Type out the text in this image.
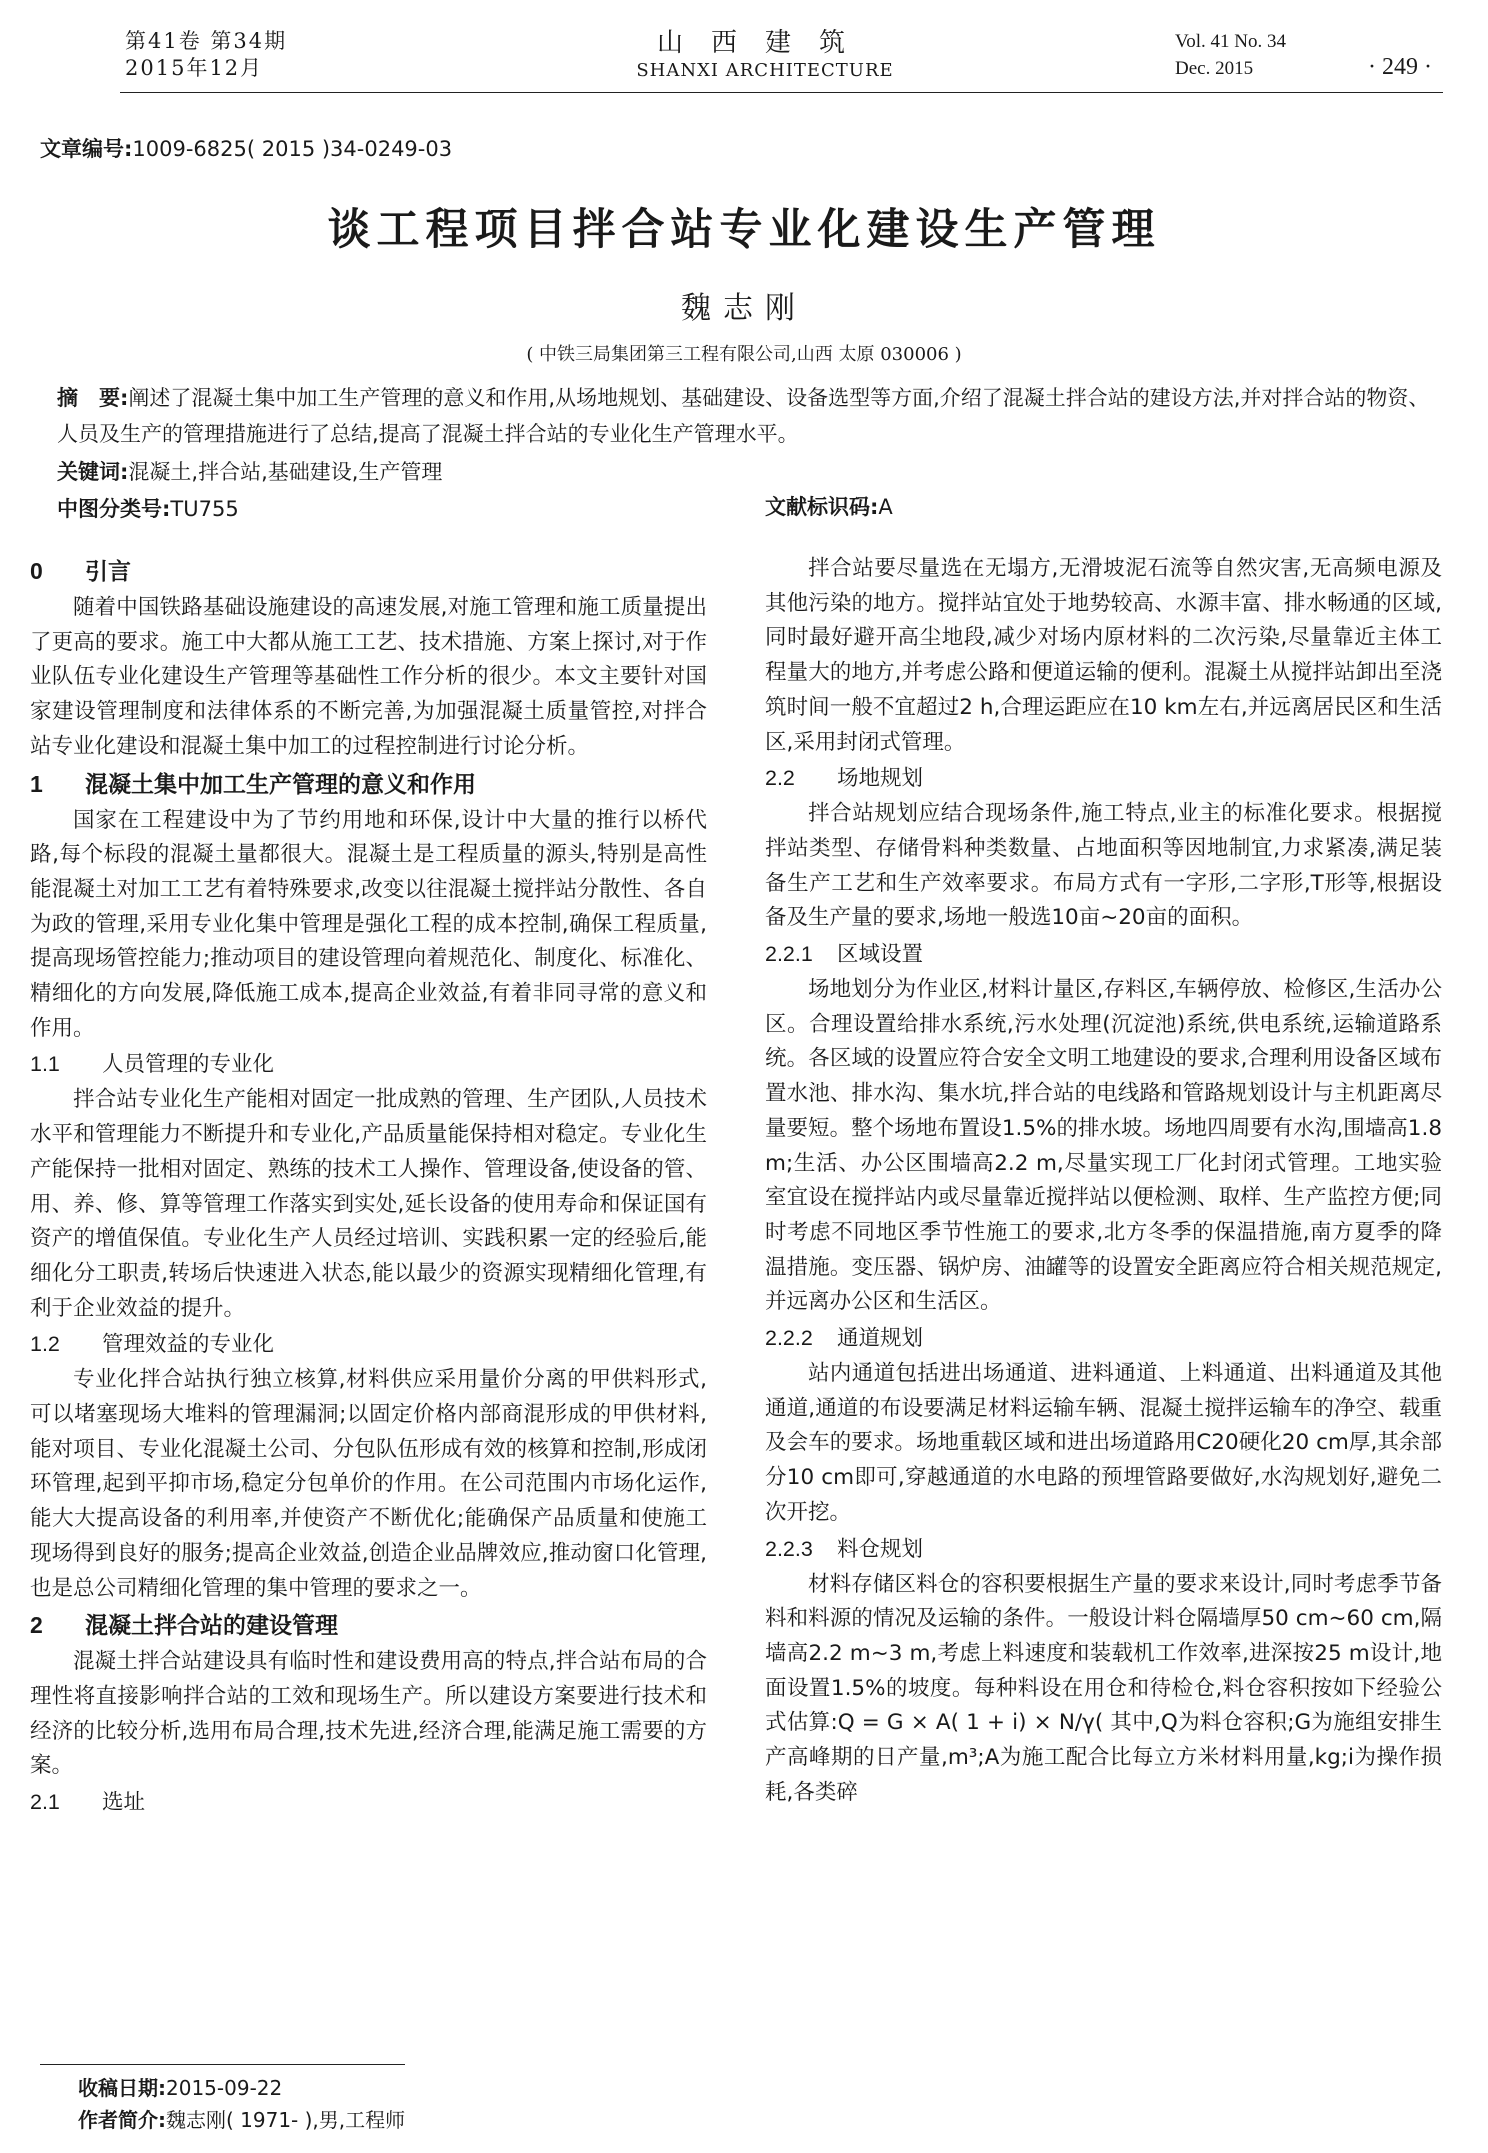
第41卷 第34期
2015年12月
山西建筑
SHANXI ARCHITECTURE
Vol. 41 No. 34
Dec. 2015	· 249 ·
文章编号:1009-6825( 2015 )34-0249-03
谈工程项目拌合站专业化建设生产管理
魏志刚
( 中铁三局集团第三工程有限公司,山西 太原 030006 )
摘　要:阐述了混凝土集中加工生产管理的意义和作用,从场地规划、基础建设、设备选型等方面,介绍了混凝土拌合站的建设方法,并对拌合站的物资、人员及生产的管理措施进行了总结,提高了混凝土拌合站的专业化生产管理水平。
关键词:混凝土,拌合站,基础建设,生产管理
中图分类号:TU755	文献标识码:A
0 引言

随着中国铁路基础设施建设的高速发展,对施工管理和施工质量提出了更高的要求。施工中大都从施工工艺、技术措施、方案上探讨,对于作业队伍专业化建设生产管理等基础性工作分析的很少。本文主要针对国家建设管理制度和法律体系的不断完善,为加强混凝土质量管控,对拌合站专业化建设和混凝土集中加工的过程控制进行讨论分析。

1 混凝土集中加工生产管理的意义和作用

国家在工程建设中为了节约用地和环保,设计中大量的推行以桥代路,每个标段的混凝土量都很大。混凝土是工程质量的源头,特别是高性能混凝土对加工工艺有着特殊要求,改变以往混凝土搅拌站分散性、各自为政的管理,采用专业化集中管理是强化工程的成本控制,确保工程质量,提高现场管控能力;推动项目的建设管理向着规范化、制度化、标准化、精细化的方向发展,降低施工成本,提高企业效益,有着非同寻常的意义和作用。

1.1 人员管理的专业化

拌合站专业化生产能相对固定一批成熟的管理、生产团队,人员技术水平和管理能力不断提升和专业化,产品质量能保持相对稳定。专业化生产能保持一批相对固定、熟练的技术工人操作、管理设备,使设备的管、用、养、修、算等管理工作落实到实处,延长设备的使用寿命和保证国有资产的增值保值。专业化生产人员经过培训、实践积累一定的经验后,能细化分工职责,转场后快速进入状态,能以最少的资源实现精细化管理,有利于企业效益的提升。

1.2 管理效益的专业化

专业化拌合站执行独立核算,材料供应采用量价分离的甲供料形式,可以堵塞现场大堆料的管理漏洞;以固定价格内部商混形成的甲供材料,能对项目、专业化混凝土公司、分包队伍形成有效的核算和控制,形成闭环管理,起到平抑市场,稳定分包单价的作用。在公司范围内市场化运作,能大大提高设备的利用率,并使资产不断优化;能确保产品质量和使施工现场得到良好的服务;提高企业效益,创造企业品牌效应,推动窗口化管理,也是总公司精细化管理的集中管理的要求之一。

2 混凝土拌合站的建设管理

混凝土拌合站建设具有临时性和建设费用高的特点,拌合站布局的合理性将直接影响拌合站的工效和现场生产。所以建设方案要进行技术和经济的比较分析,选用布局合理,技术先进,经济合理,能满足施工需要的方案。

2.1 选址

拌合站要尽量选在无塌方,无滑坡泥石流等自然灾害,无高频电源及其他污染的地方。搅拌站宜处于地势较高、水源丰富、排水畅通的区域,同时最好避开高尘地段,减少对场内原材料的二次污染,尽量靠近主体工程量大的地方,并考虑公路和便道运输的便利。混凝土从搅拌站卸出至浇筑时间一般不宜超过2 h,合理运距应在10 km左右,并远离居民区和生活区,采用封闭式管理。

2.2 场地规划

拌合站规划应结合现场条件,施工特点,业主的标准化要求。根据搅拌站类型、存储骨料种类数量、占地面积等因地制宜,力求紧凑,满足装备生产工艺和生产效率要求。布局方式有一字形,二字形,T形等,根据设备及生产量的要求,场地一般选10亩~20亩的面积。

2.2.1 区域设置

场地划分为作业区,材料计量区,存料区,车辆停放、检修区,生活办公区。合理设置给排水系统,污水处理(沉淀池)系统,供电系统,运输道路系统。各区域的设置应符合安全文明工地建设的要求,合理利用设备区域布置水池、排水沟、集水坑,拌合站的电线路和管路规划设计与主机距离尽量要短。整个场地布置设1.5%的排水坡。场地四周要有水沟,围墙高1.8 m;生活、办公区围墙高2.2 m,尽量实现工厂化封闭式管理。工地实验室宜设在搅拌站内或尽量靠近搅拌站以便检测、取样、生产监控方便;同时考虑不同地区季节性施工的要求,北方冬季的保温措施,南方夏季的降温措施。变压器、锅炉房、油罐等的设置安全距离应符合相关规范规定,并远离办公区和生活区。

2.2.2 通道规划

站内通道包括进出场通道、进料通道、上料通道、出料通道及其他通道,通道的布设要满足材料运输车辆、混凝土搅拌运输车的净空、载重及会车的要求。场地重载区域和进出场道路用C20硬化20 cm厚,其余部分10 cm即可,穿越通道的水电路的预埋管路要做好,水沟规划好,避免二次开挖。

2.2.3 料仓规划

材料存储区料仓的容积要根据生产量的要求来设计,同时考虑季节备料和料源的情况及运输的条件。一般设计料仓隔墙厚50 cm~60 cm,隔墙高2.2 m~3 m,考虑上料速度和装载机工作效率,进深按25 m设计,地面设置1.5%的坡度。每种料设在用仓和待检仓,料仓容积按如下经验公式估算:Q = G × A( 1 + i) × N/γ( 其中,Q为料仓容积;G为施组安排生产高峰期的日产量,m³;A为施工配合比每立方米材料用量,kg;i为操作损耗,各类碎

收稿日期:2015-09-22
作者简介:魏志刚( 1971- ),男,工程师
